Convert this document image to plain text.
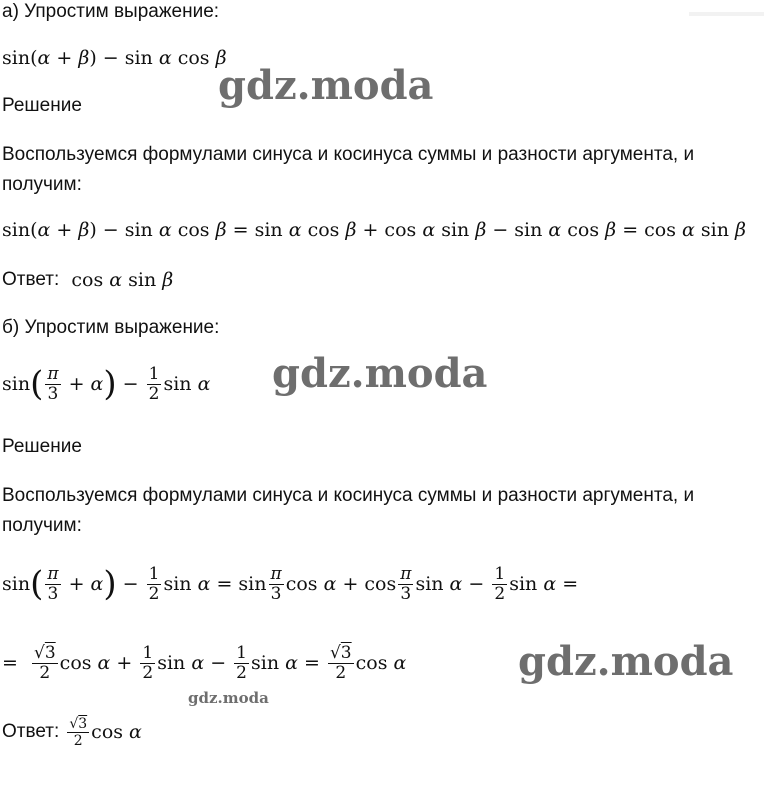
а) Упростим выражение:
sin( α + β ) − sin α cos β
gdz.moda
Решение
Воспользуемся формулами синуса и косинуса суммы и разности аргумента, и
получим:
sin( α + β ) − sin α cos β = sin α cos β + cos α sin β − sin α cos β = cos α sin β
Ответ: cos α sin β
б) Упростим выражение:
sin ( $\frac{\pi}{3} + \alpha$ ) − $\frac{1}{2}$ sin α gdz.moda
Решение
Воспользуемся формулами синуса и косинуса суммы и разности аргумента, и
получим:
sin ( $\frac{\pi}{3} + \alpha$ ) − $\frac{1}{2}$ $\sin \alpha = \sin \frac{\pi}{3}$ $\cos \alpha + \cos \frac{\pi}{3}$ $\sin \alpha - \frac{1}{2}$ sin α =
= $\frac{√3}{2}$ $\cos \alpha + \frac{1}{2}$ $\sin \alpha - \frac{1}{2}$ $\sin \alpha = \frac{√3}{2}$ cos α	gdz.moda
gdz.moda
Ответ:
$\frac{√3}{2}$ cos α
